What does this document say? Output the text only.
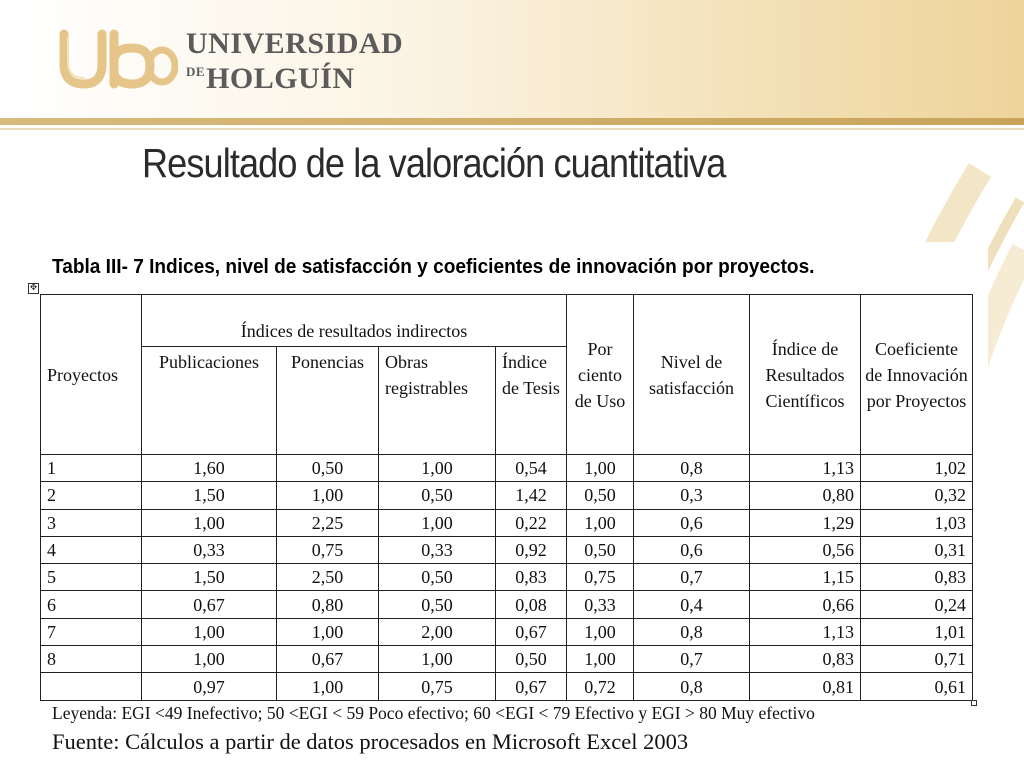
UNIVERSIDAD
$^{DE}$HOLGUÍN
Resultado de la valoración cuantitativa
Tabla III- 7 Indices, nivel de satisfacción y coeficientes de innovación por proyectos.
✥
Proyectos	Índices de resultados indirectos				Por ciento de Uso	Nivel de satisfacción	Índice de Resultados Científicos	Coeficiente de Innovación por Proyectos
	Publicaciones	Ponencias	Obras registrables	Índice de Tesis				
1	1,60	0,50	1,00	0,54	1,00	0,8	1,13	1,02
2	1,50	1,00	0,50	1,42	0,50	0,3	0,80	0,32
3	1,00	2,25	1,00	0,22	1,00	0,6	1,29	1,03
4	0,33	0,75	0,33	0,92	0,50	0,6	0,56	0,31
5	1,50	2,50	0,50	0,83	0,75	0,7	1,15	0,83
6	0,67	0,80	0,50	0,08	0,33	0,4	0,66	0,24
7	1,00	1,00	2,00	0,67	1,00	0,8	1,13	1,01
8	1,00	0,67	1,00	0,50	1,00	0,7	0,83	0,71
	0,97	1,00	0,75	0,67	0,72	0,8	0,81	0,61
Leyenda: EGI <49 Inefectivo; 50 <EGI < 59 Poco efectivo; 60 <EGI < 79 Efectivo y EGI > 80 Muy efectivo
Fuente: Cálculos a partir de datos procesados en Microsoft Excel 2003
